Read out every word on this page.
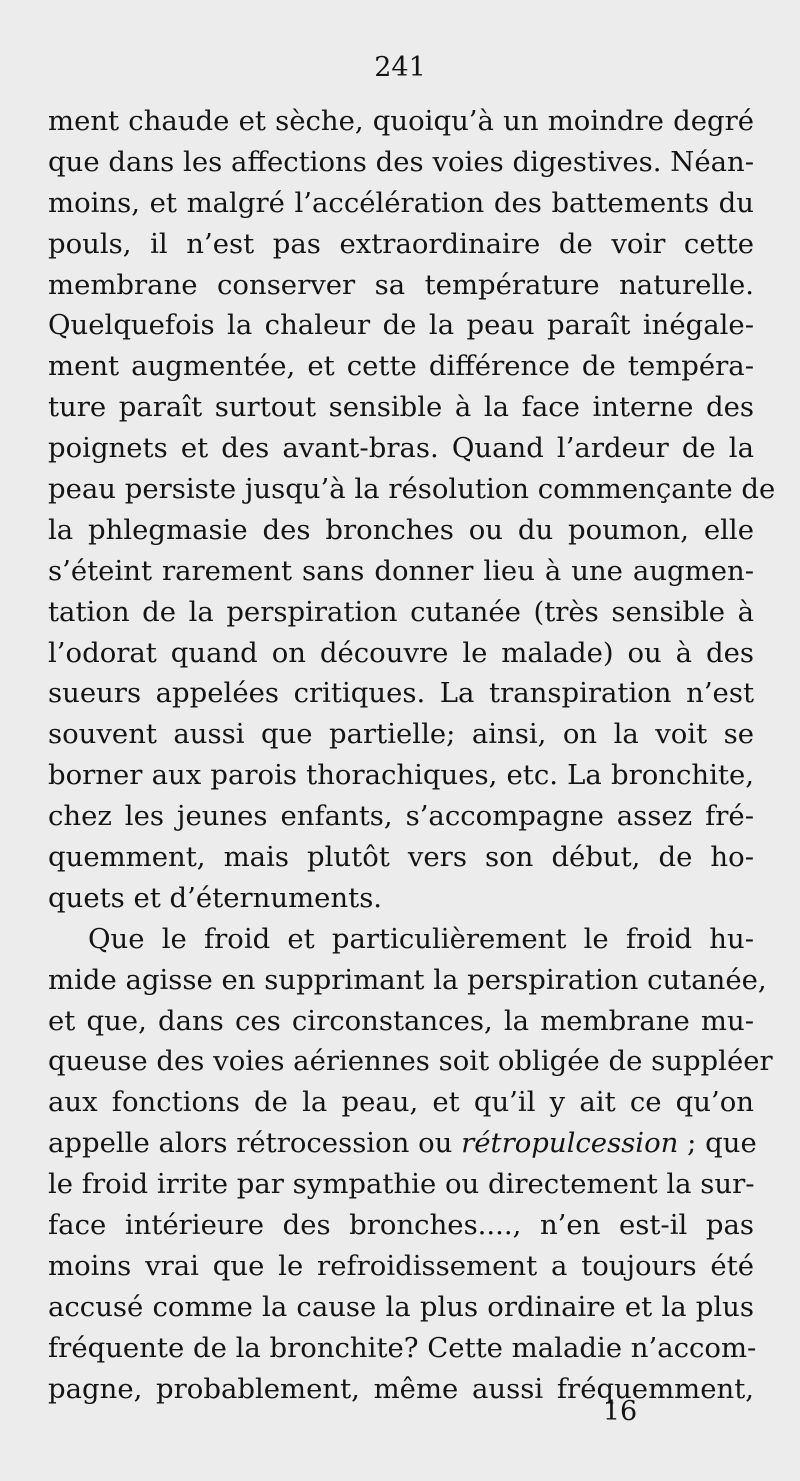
241
ment chaude et sèche, quoiqu’à un moindre degré
que dans les affections des voies digestives. Néan-
moins, et malgré l’accélération des battements du
pouls, il n’est pas extraordinaire de voir cette
membrane conserver sa température naturelle.
Quelquefois la chaleur de la peau paraît inégale-
ment augmentée, et cette différence de tempéra-
ture paraît surtout sensible à la face interne des
poignets et des avant-bras. Quand l’ardeur de la
peau persiste jusqu’à la résolution commençante de
la phlegmasie des bronches ou du poumon, elle
s’éteint rarement sans donner lieu à une augmen-
tation de la perspiration cutanée (très sensible à
l’odorat quand on découvre le malade) ou à des
sueurs appelées critiques. La transpiration n’est
souvent aussi que partielle; ainsi, on la voit se
borner aux parois thorachiques, etc. La bronchite,
chez les jeunes enfants, s’accompagne assez fré-
quemment, mais plutôt vers son début, de ho-
quets et d’éternuments.
Que le froid et particulièrement le froid hu-
mide agisse en supprimant la perspiration cutanée,
et que, dans ces circonstances, la membrane mu-
queuse des voies aériennes soit obligée de suppléer
aux fonctions de la peau, et qu’il y ait ce qu’on
appelle alors rétrocession ou rétropulcession ; que
le froid irrite par sympathie ou directement la sur-
face intérieure des bronches...., n’en est-il pas
moins vrai que le refroidissement a toujours été
accusé comme la cause la plus ordinaire et la plus
fréquente de la bronchite? Cette maladie n’accom-
pagne, probablement, même aussi fréquemment,
16
